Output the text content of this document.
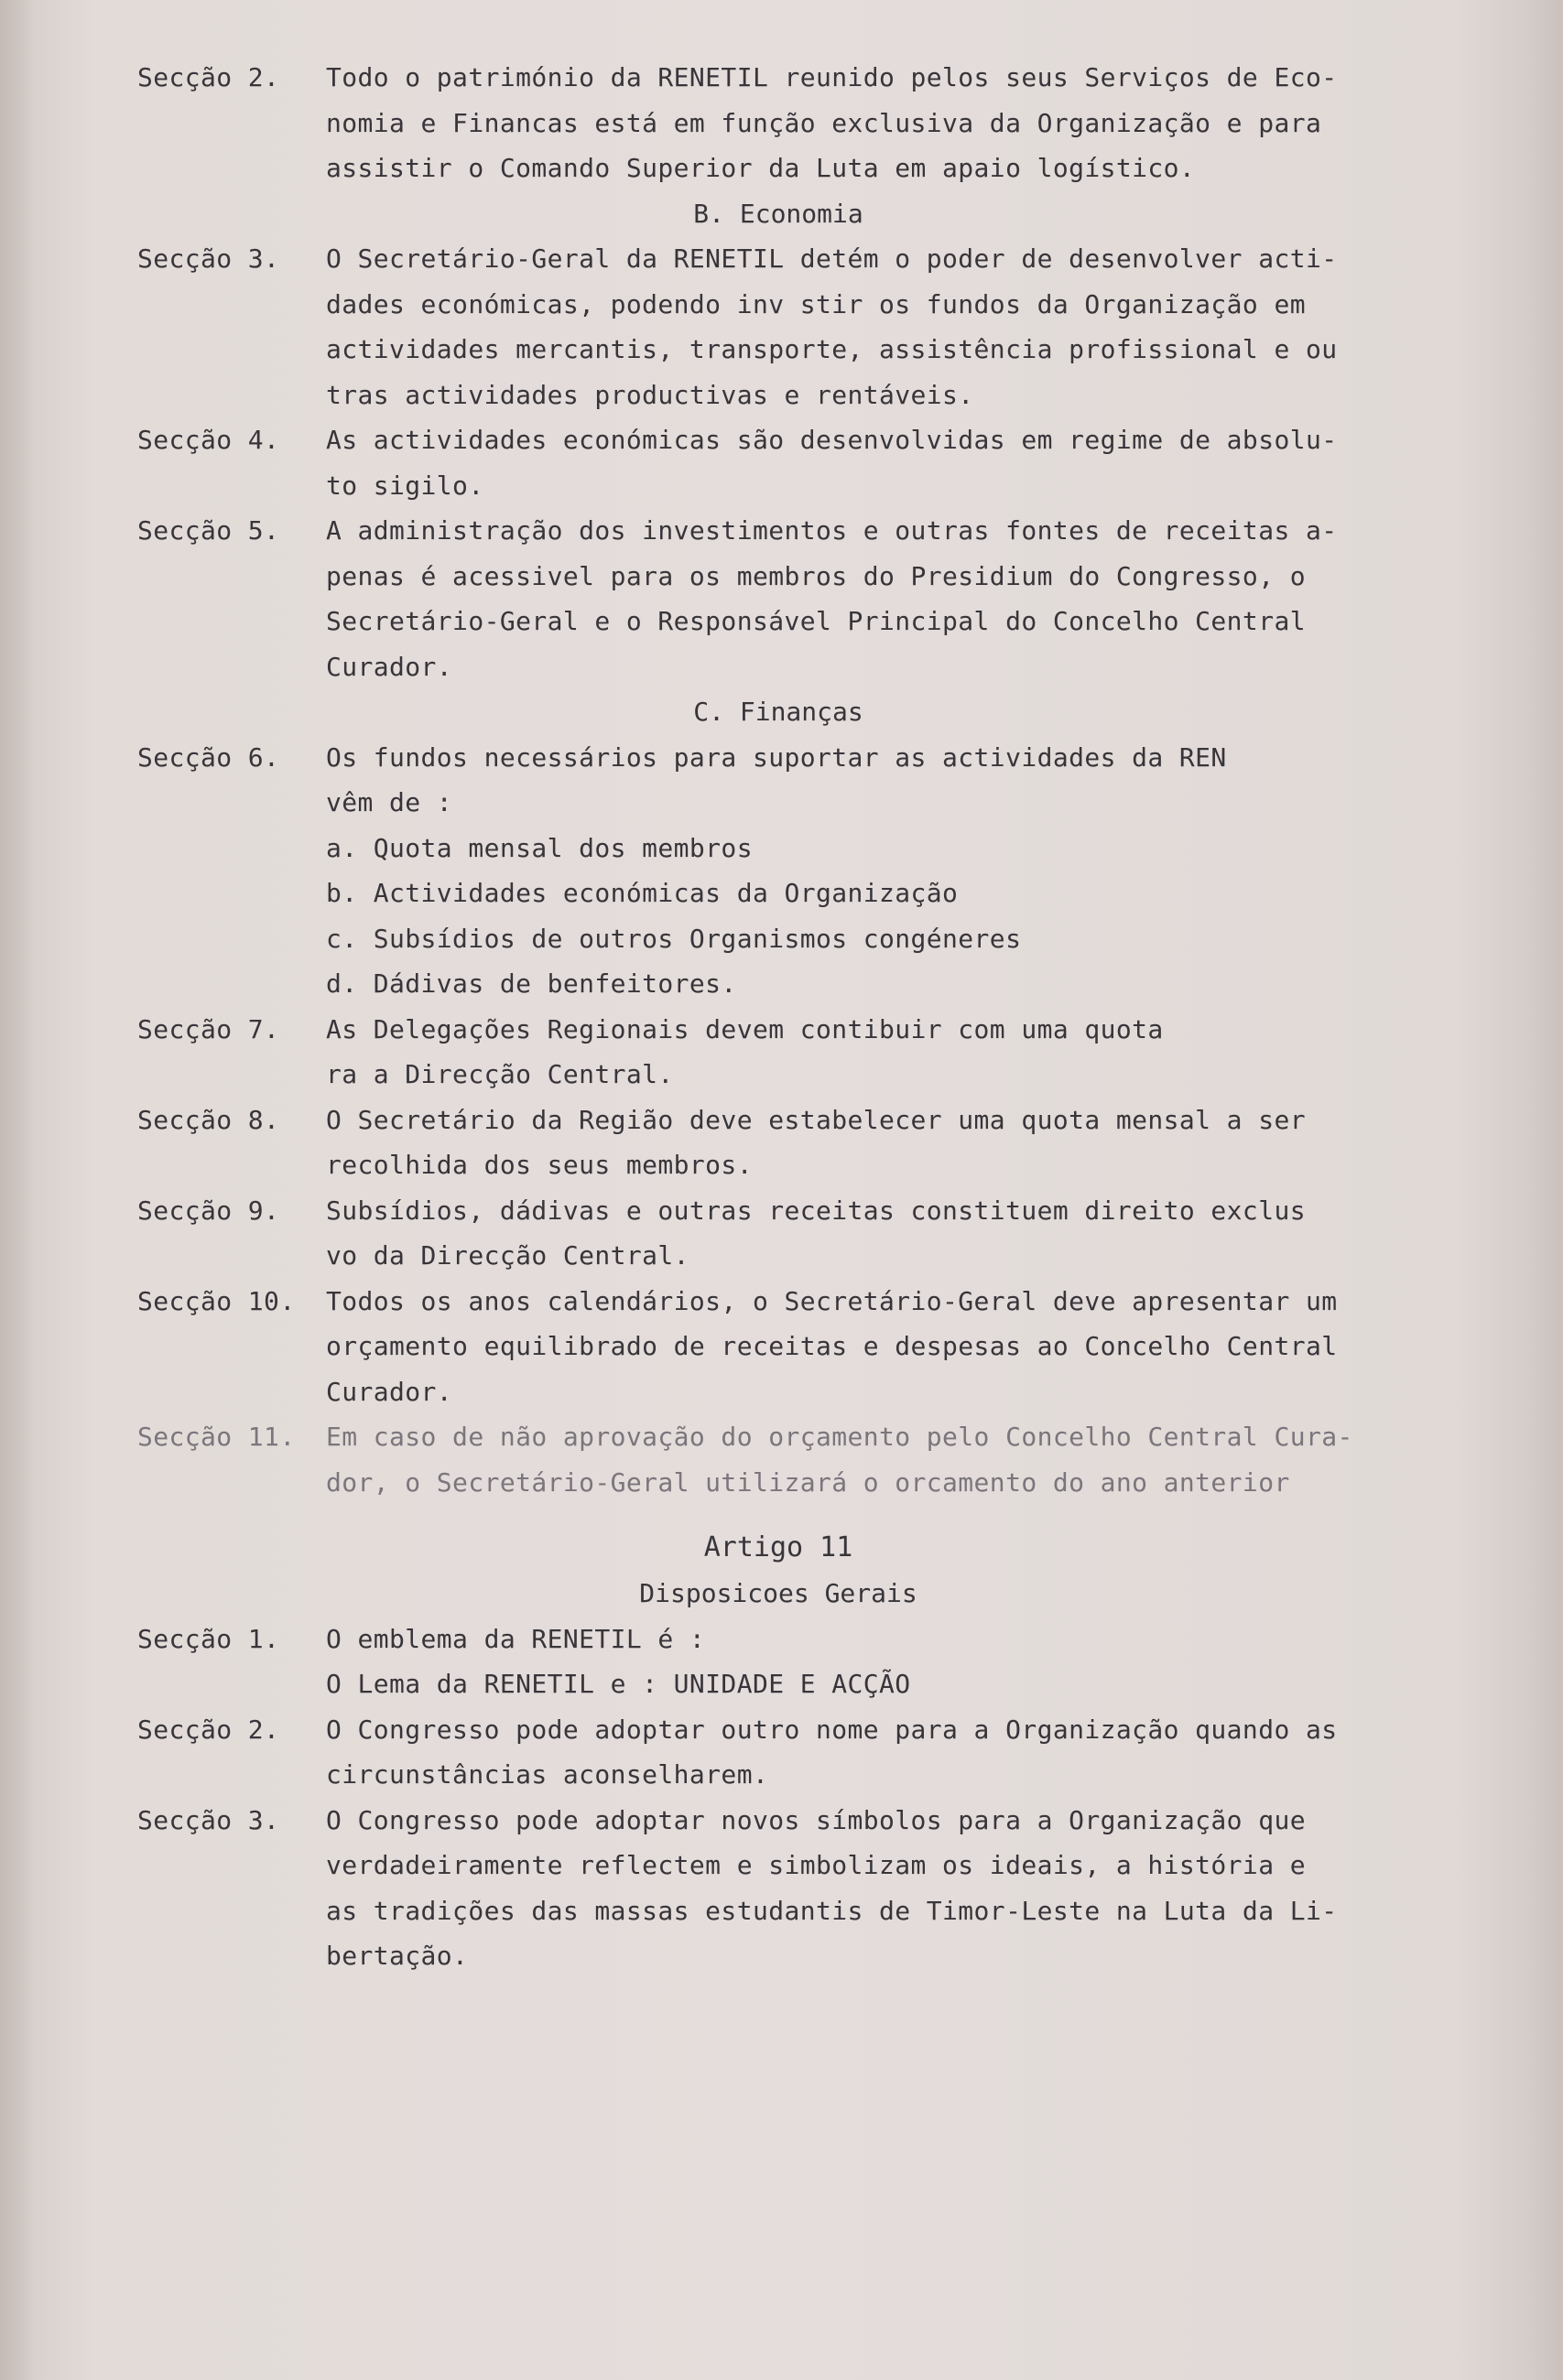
Secção 2.	Todo o património da RENETIL reunido pelos seus Serviços de Eco-
nomia e Financas está em função exclusiva da Organização e para
assistir o Comando Superior da Luta em apaio logístico.
B. Economia
Secção 3.	O Secretário-Geral da RENETIL detém o poder de desenvolver acti-
dades económicas, podendo inv stir os fundos da Organização em
actividades mercantis, transporte, assistência profissional e ou
tras actividades productivas e rentáveis.
Secção 4.	As actividades económicas são desenvolvidas em regime de absolu-
to sigilo.
Secção 5.	A administração dos investimentos e outras fontes de receitas a-
penas é acessivel para os membros do Presidium do Congresso, o
Secretário-Geral e o Responsável Principal do Concelho Central
Curador.
C. Finanças
Secção 6.	Os fundos necessários para suportar as actividades da REN
vêm de :
a. Quota mensal dos membros
b. Actividades económicas da Organização
c. Subsídios de outros Organismos congéneres
d. Dádivas de benfeitores.
Secção 7.	As Delegações Regionais devem contibuir com uma quota
ra a Direcção Central.
Secção 8.	O Secretário da Região deve estabelecer uma quota mensal a ser
recolhida dos seus membros.
Secção 9.	Subsídios, dádivas e outras receitas constituem direito exclus
vo da Direcção Central.
Secção 10.	Todos os anos calendários, o Secretário-Geral deve apresentar um
orçamento equilibrado de receitas e despesas ao Concelho Central
Curador.
Secção 11.	Em caso de não aprovação do orçamento pelo Concelho Central Cura-
dor, o Secretário-Geral utilizará o orcamento do ano anterior
Artigo 11
Disposicoes Gerais
Secção 1.	O emblema da RENETIL é :
O Lema da RENETIL e : UNIDADE E ACÇÃO
Secção 2.	O Congresso pode adoptar outro nome para a Organização quando as
circunstâncias aconselharem.
Secção 3.	O Congresso pode adoptar novos símbolos para a Organização que
verdadeiramente reflectem e simbolizam os ideais, a história e
as tradições das massas estudantis de Timor-Leste na Luta da Li-
bertação.
